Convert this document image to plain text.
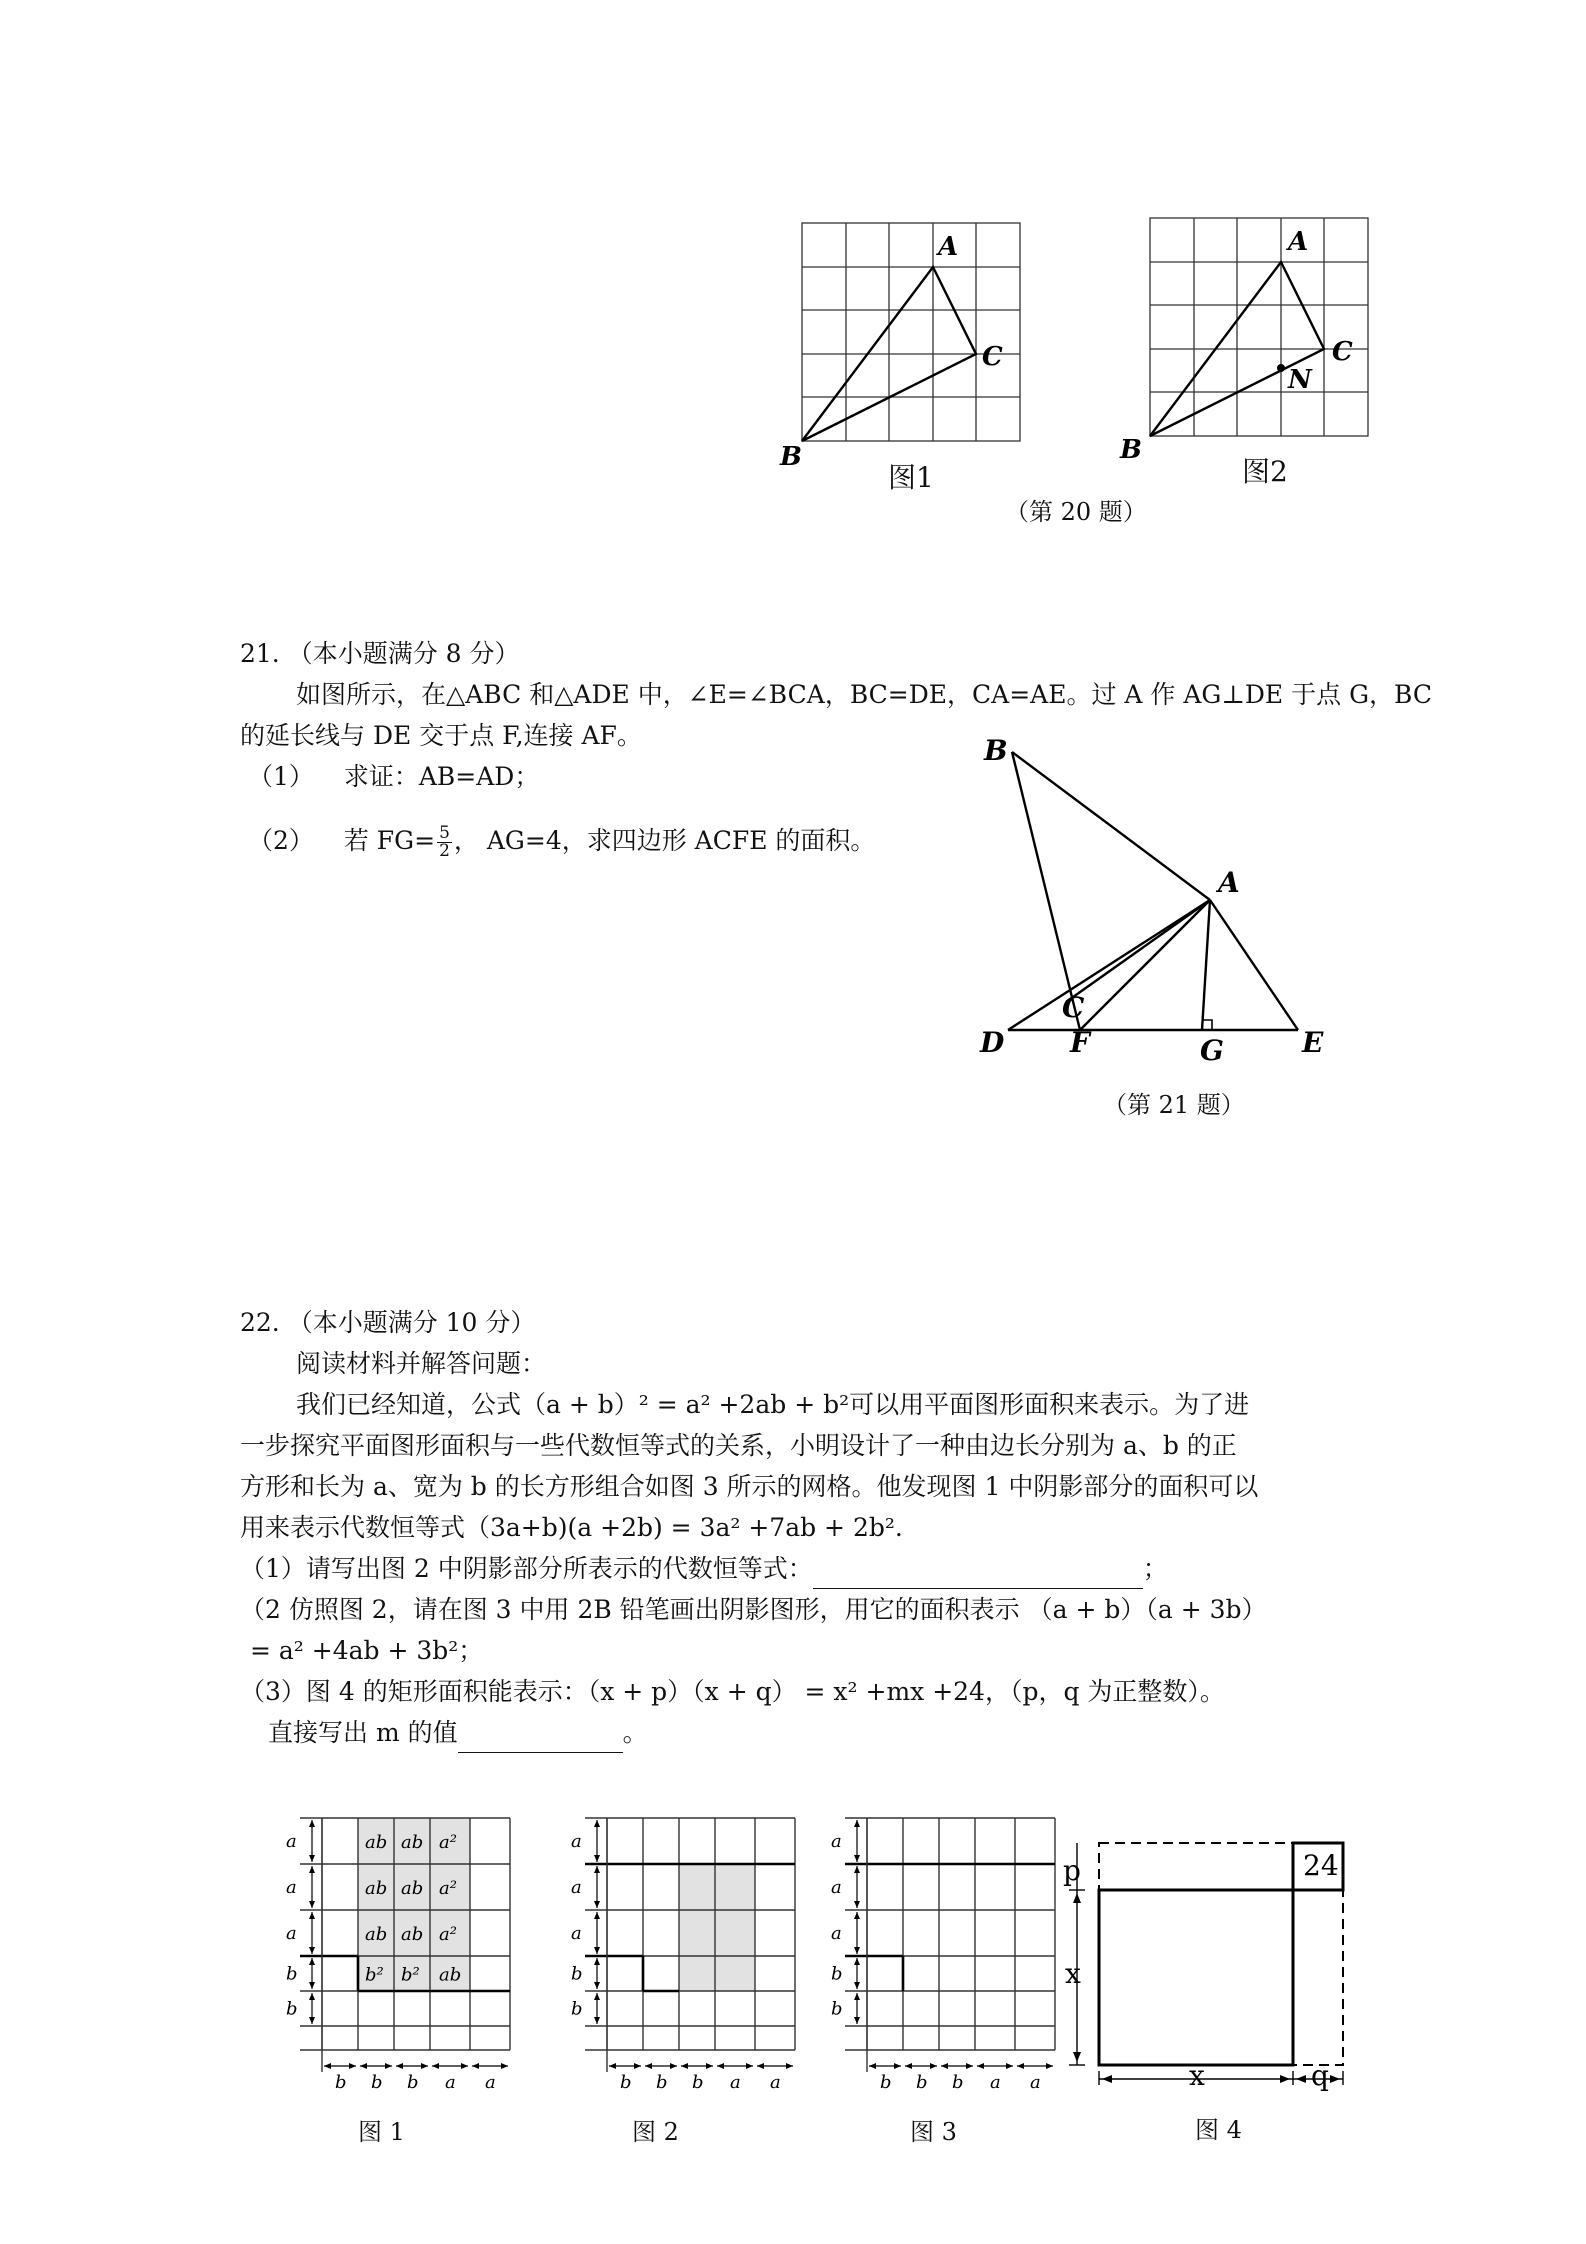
A
C
B
图1
A
C
N
B
图2
（第 20 题）
21. （本小题满分 8 分）
如图所示，在△ABC 和△ADE 中，∠E=∠BCA，BC=DE，CA=AE。过 A 作 AG⊥DE 于点 G，BC
的延长线与 DE 交于点 F,连接 AF。
（1） 求证：AB=AD；
（2） 若 $FG= \frac{5}{2}$ ， AG=4，求四边形 ACFE 的面积。
B
A
C
D F	G	E
（第 21 题）
22. （本小题满分 10 分）
阅读材料并解答问题：
我们已经知道，公式（a + b）² = a² +2ab + b²可以用平面图形面积来表示。为了进
一步探究平面图形面积与一些代数恒等式的关系，小明设计了一种由边长分别为 a、b 的正
方形和长为 a、宽为 b 的长方形组合如图 3 所示的网格。他发现图 1 中阴影部分的面积可以
用来表示代数恒等式（3a+b)(a +2b) = 3a² +7ab + 2b².
（1）请写出图 2 中阴影部分所表示的代数恒等式：	；
（2 仿照图 2，请在图 3 中用 2B 铅笔画出阴影图形，用它的面积表示 （a + b）（a + 3b）
= a² +4ab + 3b²；
（3）图 4 的矩形面积能表示：（x + p）（x + q） = x² +mx +24，（p，q 为正整数）。
直接写出 m 的值	。
a
a
a
b
b
b b b a a
ab ab a²
ab ab a²
ab ab a²
b² b² ab
a
a
a
b
b
b b b a a
a
a
a
b
b
b b b a a
p
x
x	q
24
图 1	图 2	图 3	图 4
